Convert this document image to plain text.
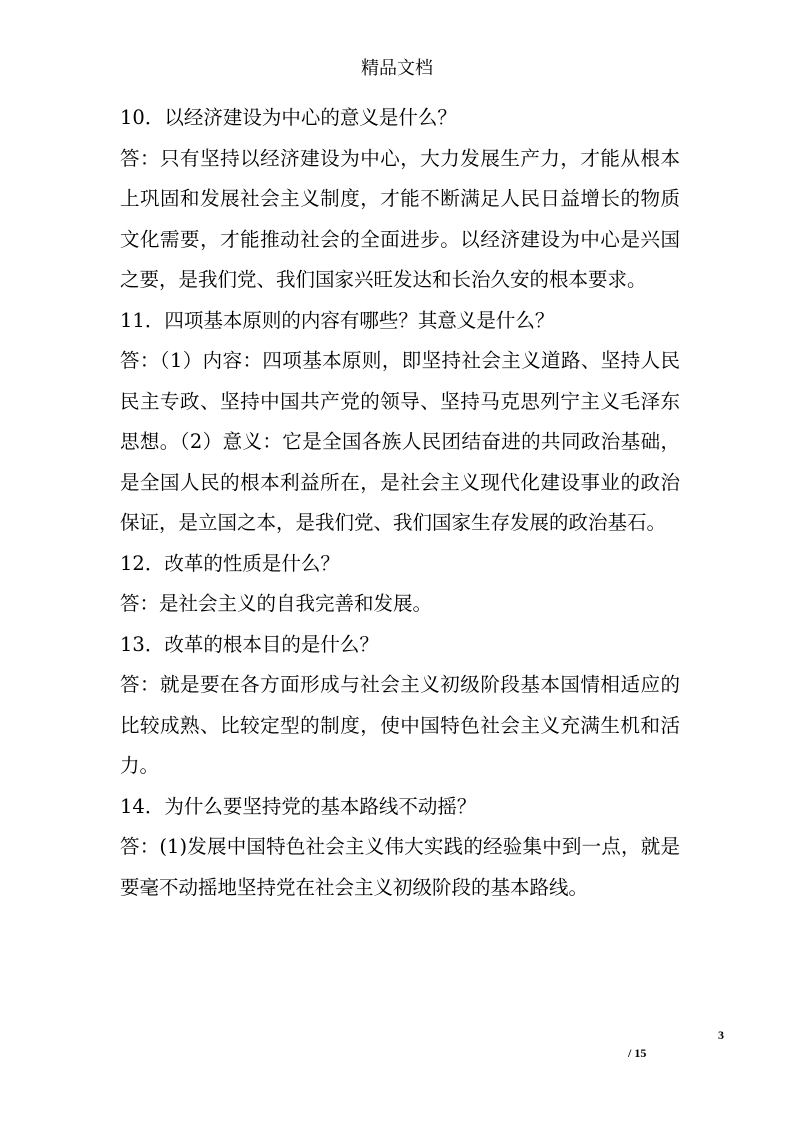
精品文档

10．以经济建设为中心的意义是什么？

答：只有坚持以经济建设为中心，大力发展生产力，才能从根本上巩固和发展社会主义制度，才能不断满足人民日益增长的物质文化需要，才能推动社会的全面进步。以经济建设为中心是兴国之要，是我们党、我们国家兴旺发达和长治久安的根本要求。

11．四项基本原则的内容有哪些？其意义是什么？

答：（1）内容：四项基本原则，即坚持社会主义道路、坚持人民民主专政、坚持中国共产党的领导、坚持马克思列宁主义毛泽东思想。（2）意义：它是全国各族人民团结奋进的共同政治基础，是全国人民的根本利益所在，是社会主义现代化建设事业的政治保证，是立国之本，是我们党、我们国家生存发展的政治基石。

12．改革的性质是什么？

答：是社会主义的自我完善和发展。

13．改革的根本目的是什么？

答：就是要在各方面形成与社会主义初级阶段基本国情相适应的比较成熟、比较定型的制度，使中国特色社会主义充满生机和活力。

14．为什么要坚持党的基本路线不动摇？

答：(1)发展中国特色社会主义伟大实践的经验集中到一点，就是要毫不动摇地坚持党在社会主义初级阶段的基本路线。

3
/ 15
